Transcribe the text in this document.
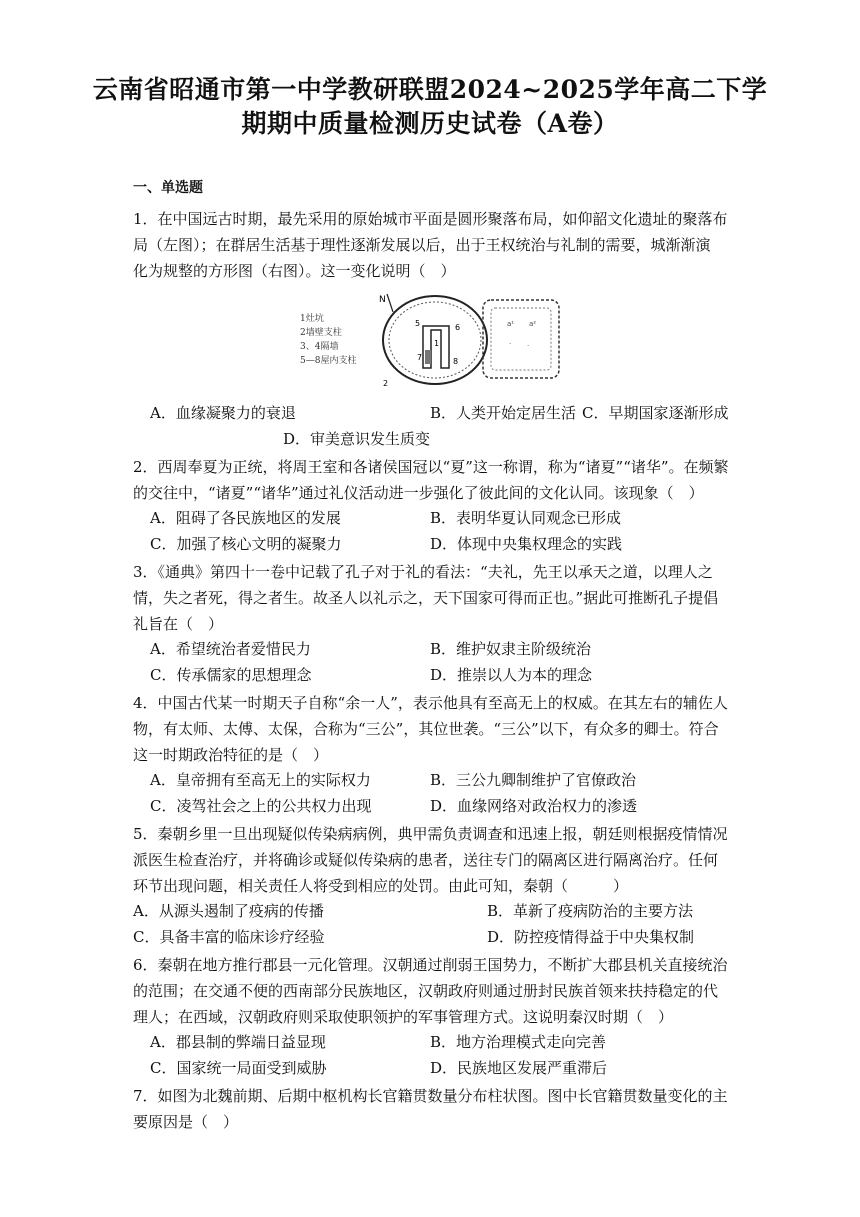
云南省昭通市第一中学教研联盟2024~2025学年高二下学
期期中质量检测历史试卷（A卷）
一、单选题
1．在中国远古时期，最先采用的原始城市平面是圆形聚落布局，如仰韶文化遗址的聚落布
局（左图）；在群居生活基于理性逐渐发展以后，出于王权统治与礼制的需要，城渐渐演
化为规整的方形图（右图）。这一变化说明（　）
N
5	6
7	8
1
2
a¹ a²
· ·
1灶坑
2墙壁支柱
3、4隔墙
5—8屋内支柱
A．血缘凝聚力的衰退	B．人类开始定居生活 C．早期国家逐渐形成
D．审美意识发生质变
2．西周奉夏为正统，将周王室和各诸侯国冠以“夏”这一称谓，称为“诸夏”“诸华”。在频繁
的交往中，“诸夏”“诸华”通过礼仪活动进一步强化了彼此间的文化认同。该现象（　）
A．阻碍了各民族地区的发展	B．表明华夏认同观念已形成
C．加强了核心文明的凝聚力	D．体现中央集权理念的实践
3．《通典》第四十一卷中记载了孔子对于礼的看法：“夫礼，先王以承天之道，以理人之
情，失之者死，得之者生。故圣人以礼示之，天下国家可得而正也。”据此可推断孔子提倡
礼旨在（　）
A．希望统治者爱惜民力	B．维护奴隶主阶级统治
C．传承儒家的思想理念	D．推崇以人为本的理念
4．中国古代某一时期天子自称“余一人”，表示他具有至高无上的权威。在其左右的辅佐人
物，有太师、太傅、太保，合称为“三公”，其位世袭。“三公”以下，有众多的卿士。符合
这一时期政治特征的是（　）
A．皇帝拥有至高无上的实际权力	B．三公九卿制维护了官僚政治
C．凌驾社会之上的公共权力出现	D．血缘网络对政治权力的渗透
5．秦朝乡里一旦出现疑似传染病病例，典甲需负责调查和迅速上报，朝廷则根据疫情情况
派医生检查治疗，并将确诊或疑似传染病的患者，送往专门的隔离区进行隔离治疗。任何
环节出现问题，相关责任人将受到相应的处罚。由此可知，秦朝（　　　）
A．从源头遏制了疫病的传播	B．革新了疫病防治的主要方法
C．具备丰富的临床诊疗经验	D．防控疫情得益于中央集权制
6．秦朝在地方推行郡县一元化管理。汉朝通过削弱王国势力，不断扩大郡县机关直接统治
的范围；在交通不便的西南部分民族地区，汉朝政府则通过册封民族首领来扶持稳定的代
理人；在西域，汉朝政府则采取使职领护的军事管理方式。这说明秦汉时期（　）
A．郡县制的弊端日益显现	B．地方治理模式走向完善
C．国家统一局面受到威胁	D．民族地区发展严重滞后
7．如图为北魏前期、后期中枢机构长官籍贯数量分布柱状图。图中长官籍贯数量变化的主
要原因是（　）
